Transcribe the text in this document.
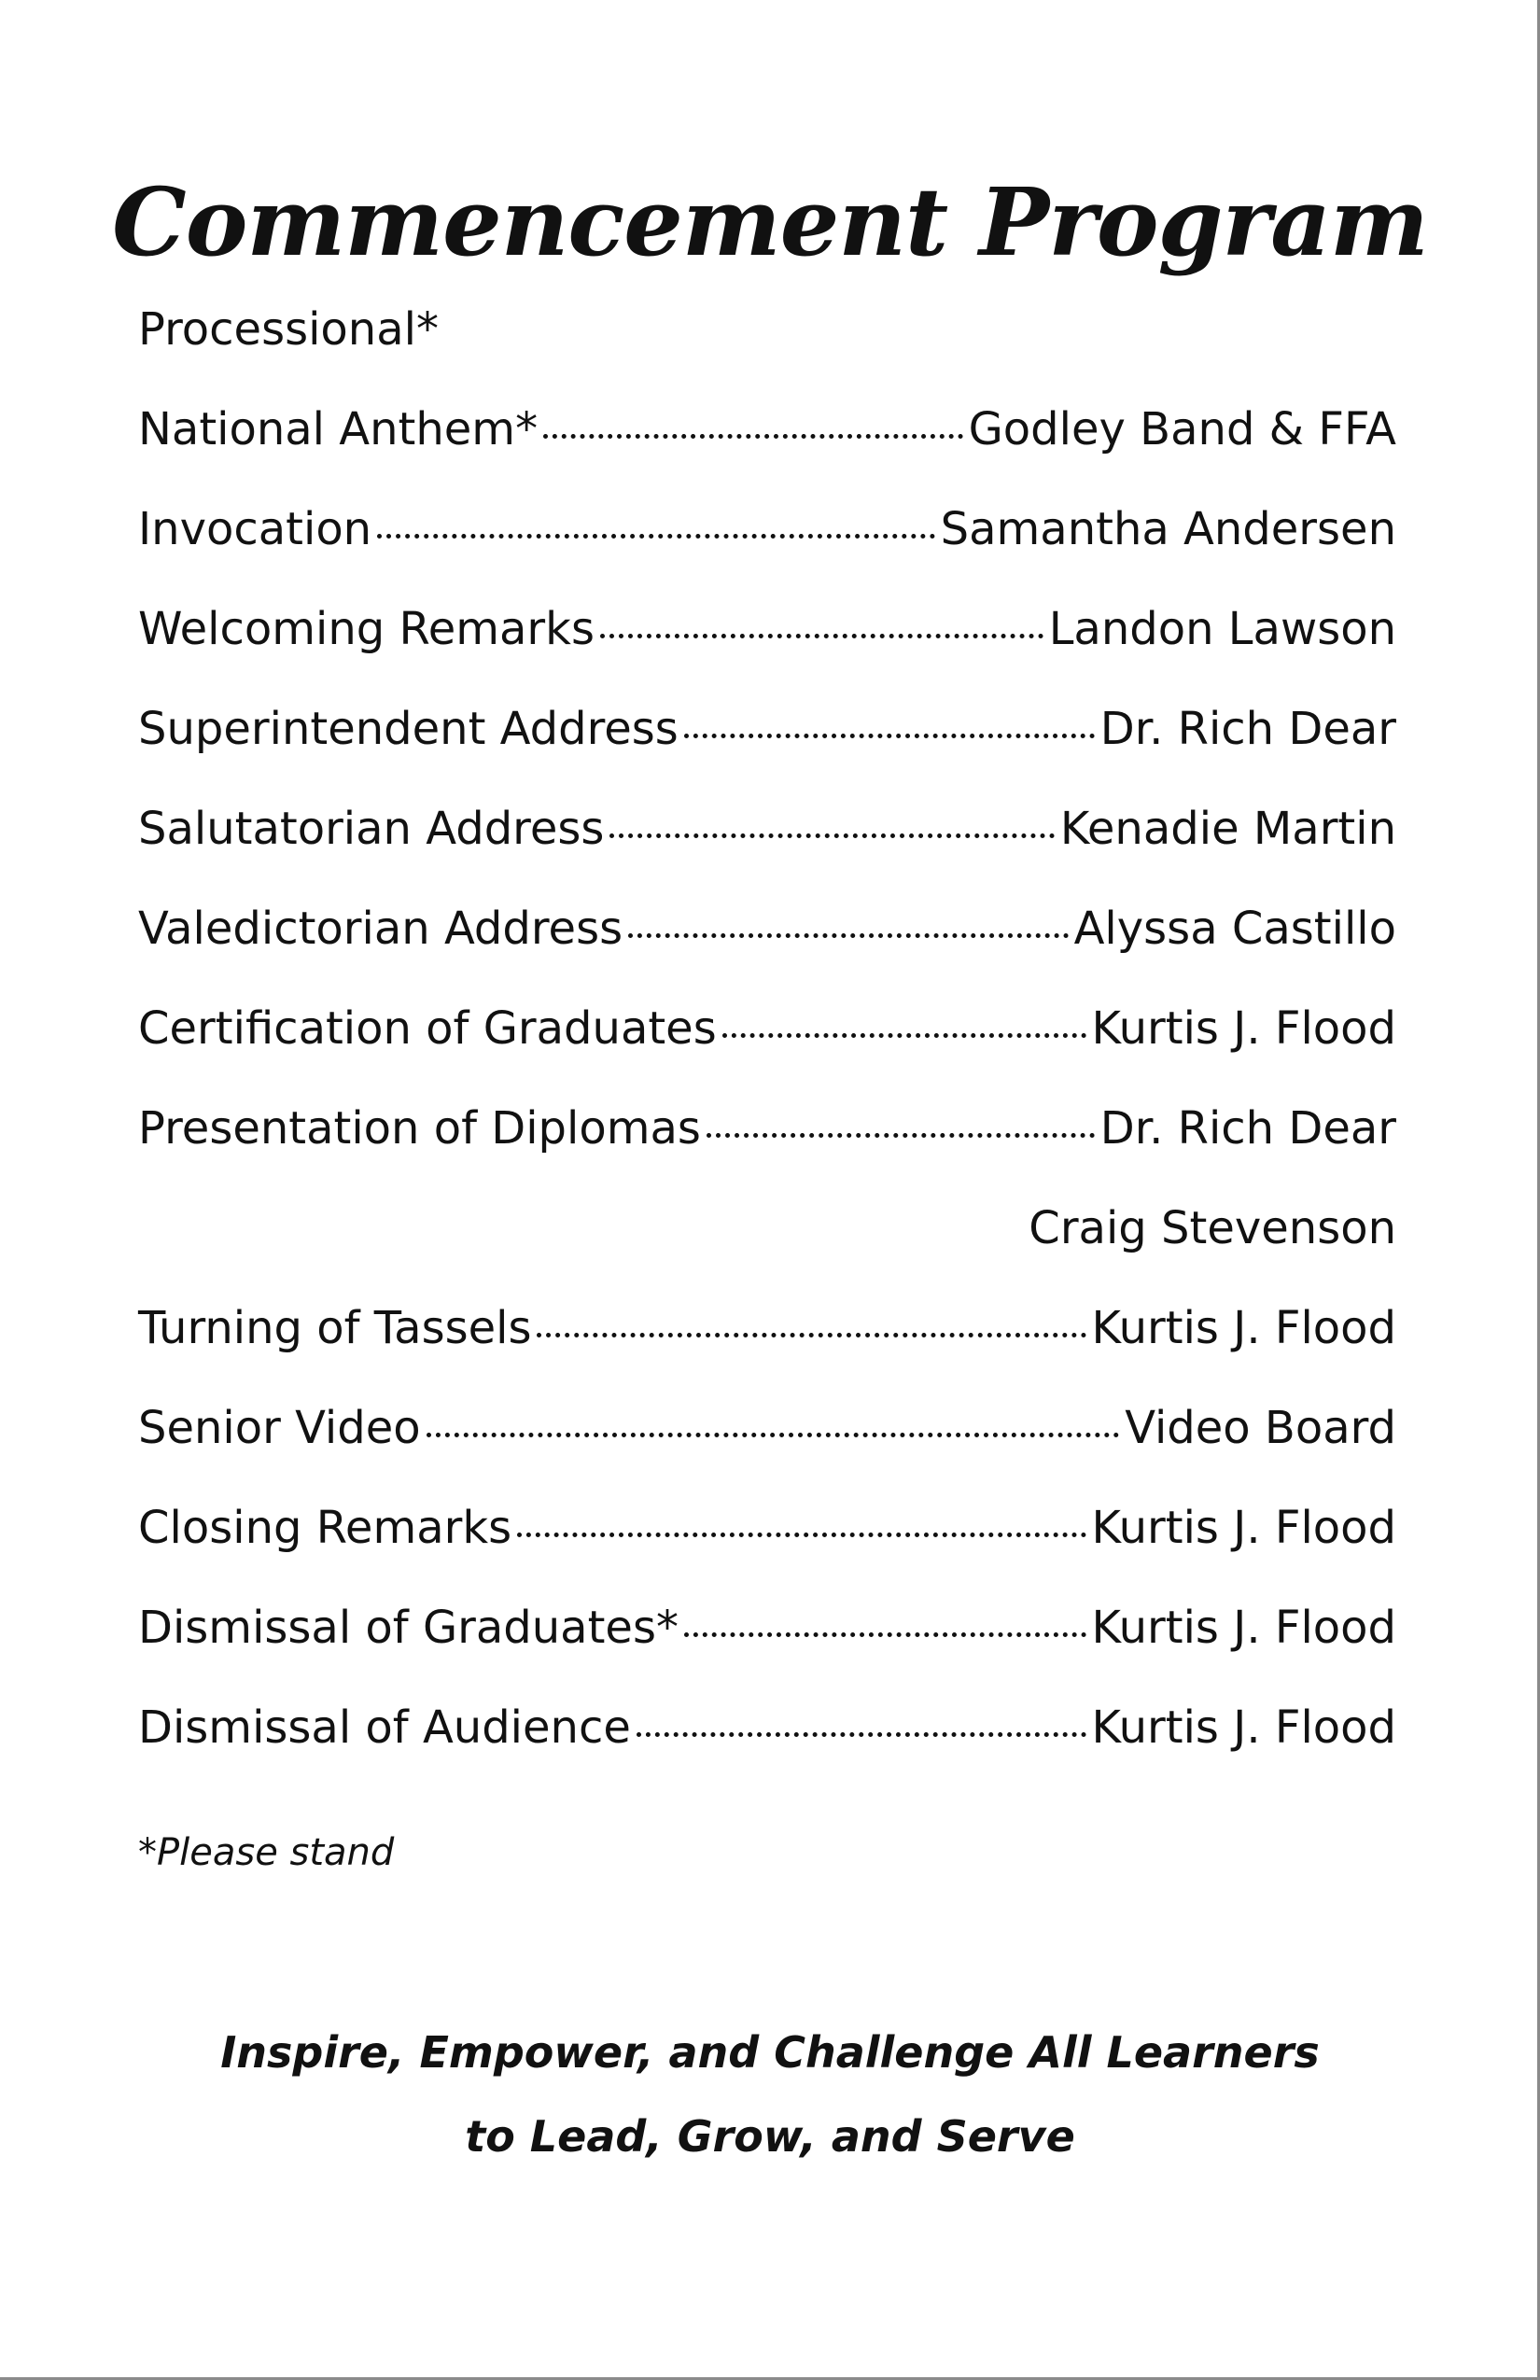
Commencement Program
Processional*
National Anthem*	Godley Band & FFA
Invocation	Samantha Andersen
Welcoming Remarks	Landon Lawson
Superintendent Address	Dr. Rich Dear
Salutatorian Address	Kenadie Martin
Valedictorian Address	Alyssa Castillo
Certification of Graduates	Kurtis J. Flood
Presentation of Diplomas	Dr. Rich Dear
Craig Stevenson
Turning of Tassels	Kurtis J. Flood
Senior Video	Video Board
Closing Remarks	Kurtis J. Flood
Dismissal of Graduates*	Kurtis J. Flood
Dismissal of Audience	Kurtis J. Flood
*Please stand
Inspire, Empower, and Challenge All Learners
to Lead, Grow, and Serve
